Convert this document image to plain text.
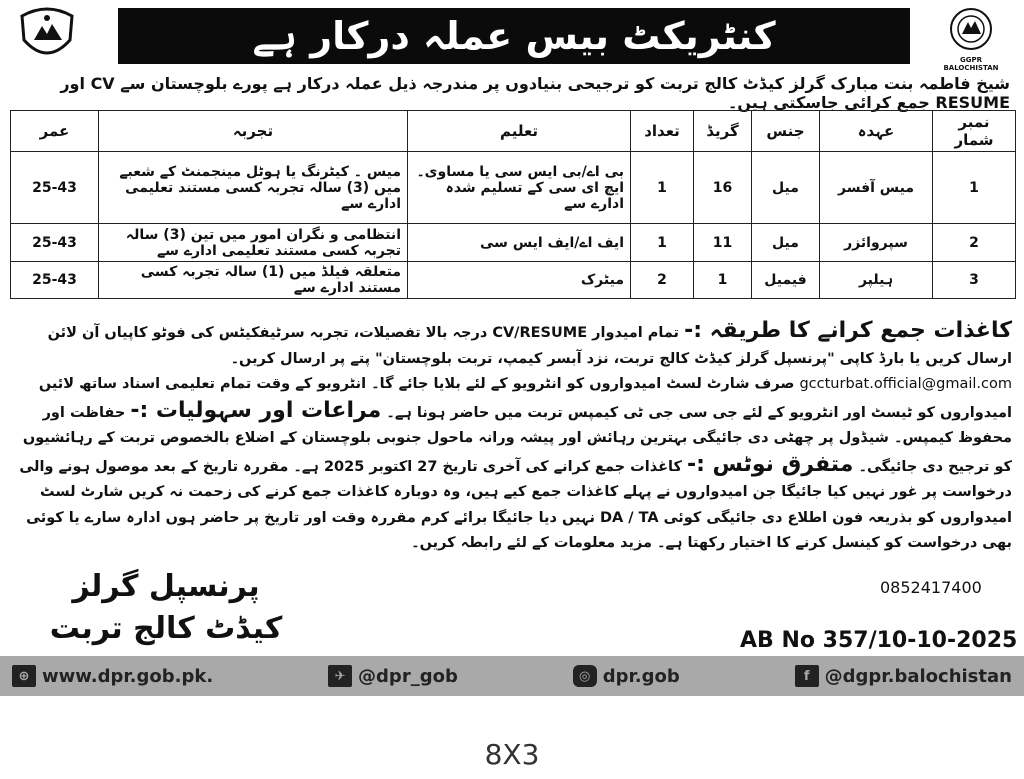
GGPR BALOCHISTAN
کنٹریکٹ بیس عملہ درکار ہے
شیخ فاطمہ بنت مبارک گرلز کیڈٹ کالج تربت کو ترجیحی بنیادوں پر مندرجہ ذیل عملہ درکار ہے پورے بلوچستان سے CV اور RESUME جمع کرائی جاسکتی ہیں۔
نمبر شمار	عہدہ	جنس	گریڈ	تعداد	تعلیم	تجربہ	عمر
1	میس آفسر	میل	16	1	بی اے/بی ایس سی یا مساوی۔ ایچ ای سی کے تسلیم شدہ ادارے سے	میس ۔ کیٹرنگ یا ہوٹل مینجمنٹ کے شعبے میں (3) سالہ تجربہ کسی مستند تعلیمی ادارے سے	25-43
2	سپروائزر	میل	11	1	ایف اے/ایف ایس سی	انتظامی و نگران امور میں تین (3) سالہ تجربہ کسی مستند تعلیمی ادارے سے	25-43
3	ہیلپر	فیمیل	1	2	میٹرک	متعلقہ فیلڈ میں (1) سالہ تجربہ کسی مستند ادارے سے	25-43
کاغذات جمع کرانے کا طریقہ :- تمام امیدوار CV/RESUME درجہ بالا تفصیلات، تجربہ سرٹیفکیٹس کی فوٹو کاپیاں آن لائن ارسال کریں یا بارڈ کاپی "پرنسپل گرلز کیڈٹ کالج تربت، نزد آبسر کیمپ، تربت بلوچستان" پتے پر ارسال کریں۔ gccturbat.official@gmail.com صرف شارٹ لسٹ امیدواروں کو انٹرویو کے لئے بلایا جائے گا۔ انٹرویو کے وقت تمام تعلیمی اسناد ساتھ لائیں امیدواروں کو ٹیسٹ اور انٹرویو کے لئے جی سی جی ٹی کیمپس تربت میں حاضر ہونا ہے۔ مراعات اور سہولیات :- حفاظت اور محفوظ کیمپس۔ شیڈول پر چھٹی دی جائیگی بہترین رہائش اور پیشہ ورانہ ماحول جنوبی بلوچستان کے اضلاع بالخصوص تربت کے رہائشیوں کو ترجیح دی جائیگی۔ متفرق نوٹس :- کاغذات جمع کرانے کی آخری تاریخ 27 اکتوبر 2025 ہے۔ مقررہ تاریخ کے بعد موصول ہونے والی درخواست پر غور نہیں کیا جائیگا جن امیدواروں نے پہلے کاغذات جمع کیے ہیں، وہ دوبارہ کاغذات جمع کرنے کی زحمت نہ کریں شارٹ لسٹ امیدواروں کو بذریعہ فون اطلاع دی جائیگی کوئی DA / TA نہیں دیا جائیگا برائے کرم مقررہ وقت اور تاریخ پر حاضر ہوں ادارہ سارے یا کوئی بھی درخواست کو کینسل کرنے کا اختیار رکھتا ہے۔ مزید معلومات کے لئے رابطہ کریں۔
0852417400
پرنسپل گرلز
کیڈٹ کالج تربت	AB No 357/10-10-2025
⊕ www.dpr.gob.pk.	✈ @dpr_gob	◎ dpr.gob	f @dgpr.balochistan
8X3
